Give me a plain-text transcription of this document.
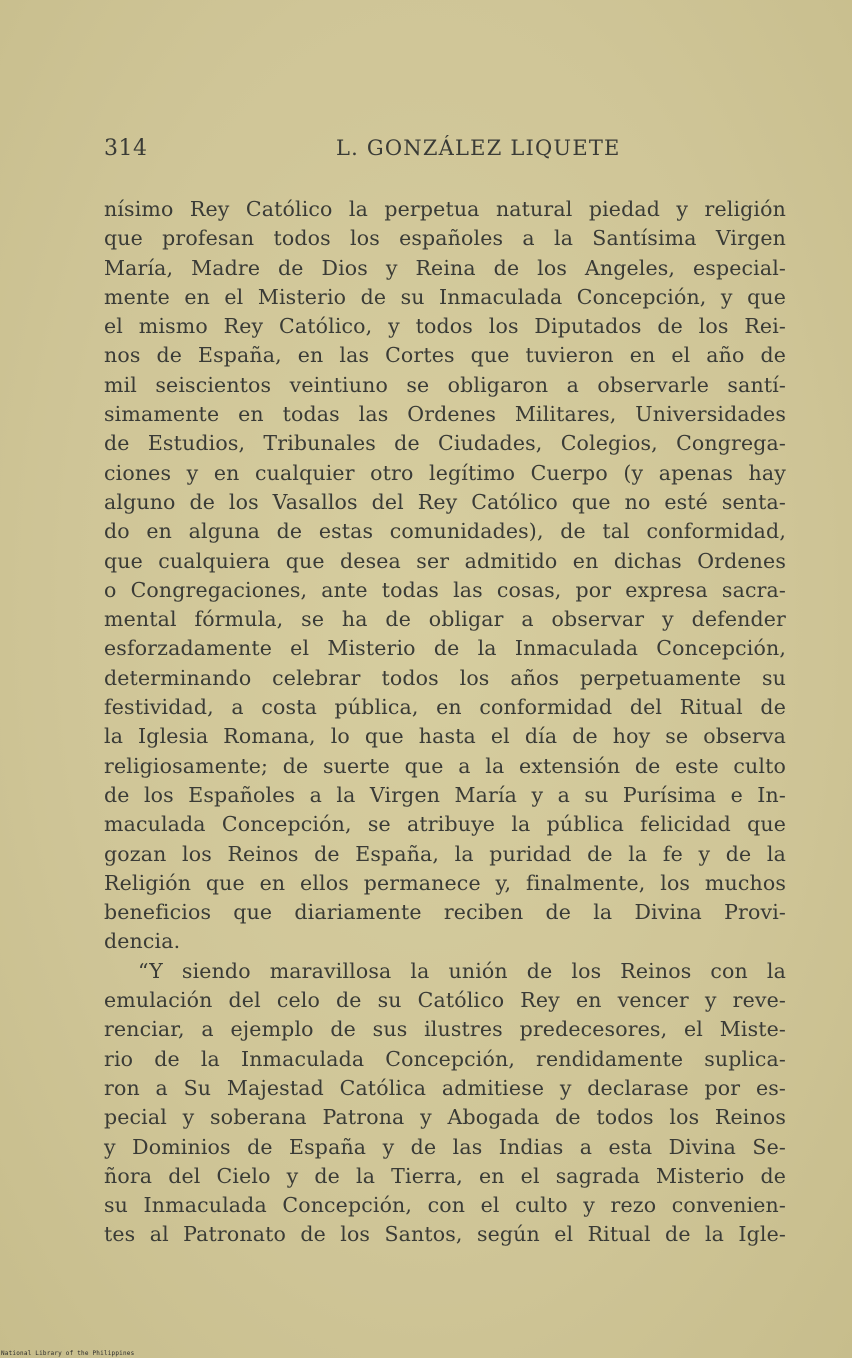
314	L. GONZÁLEZ LIQUETE
nísimo Rey Católico la perpetua natural piedad y religión
que profesan todos los españoles a la Santísima Virgen
María, Madre de Dios y Reina de los Angeles, especial-
mente en el Misterio de su Inmaculada Concepción, y que
el mismo Rey Católico, y todos los Diputados de los Rei-
nos de España, en las Cortes que tuvieron en el año de
mil seiscientos veintiuno se obligaron a observarle santí-
simamente en todas las Ordenes Militares, Universidades
de Estudios, Tribunales de Ciudades, Colegios, Congrega-
ciones y en cualquier otro legítimo Cuerpo (y apenas hay
alguno de los Vasallos del Rey Católico que no esté senta-
do en alguna de estas comunidades), de tal conformidad,
que cualquiera que desea ser admitido en dichas Ordenes
o Congregaciones, ante todas las cosas, por expresa sacra-
mental fórmula, se ha de obligar a observar y defender
esforzadamente el Misterio de la Inmaculada Concepción,
determinando celebrar todos los años perpetuamente su
festividad, a costa pública, en conformidad del Ritual de
la Iglesia Romana, lo que hasta el día de hoy se observa
religiosamente; de suerte que a la extensión de este culto
de los Españoles a la Virgen María y a su Purísima e In-
maculada Concepción, se atribuye la pública felicidad que
gozan los Reinos de España, la puridad de la fe y de la
Religión que en ellos permanece y, finalmente, los muchos
beneficios que diariamente reciben de la Divina Provi-
dencia.
“Y siendo maravillosa la unión de los Reinos con la
emulación del celo de su Católico Rey en vencer y reve-
renciar, a ejemplo de sus ilustres predecesores, el Miste-
rio de la Inmaculada Concepción, rendidamente suplica-
ron a Su Majestad Católica admitiese y declarase por es-
pecial y soberana Patrona y Abogada de todos los Reinos
y Dominios de España y de las Indias a esta Divina Se-
ñora del Cielo y de la Tierra, en el sagrada Misterio de
su Inmaculada Concepción, con el culto y rezo convenien-
tes al Patronato de los Santos, según el Ritual de la Igle-
National Library of the Philippines
